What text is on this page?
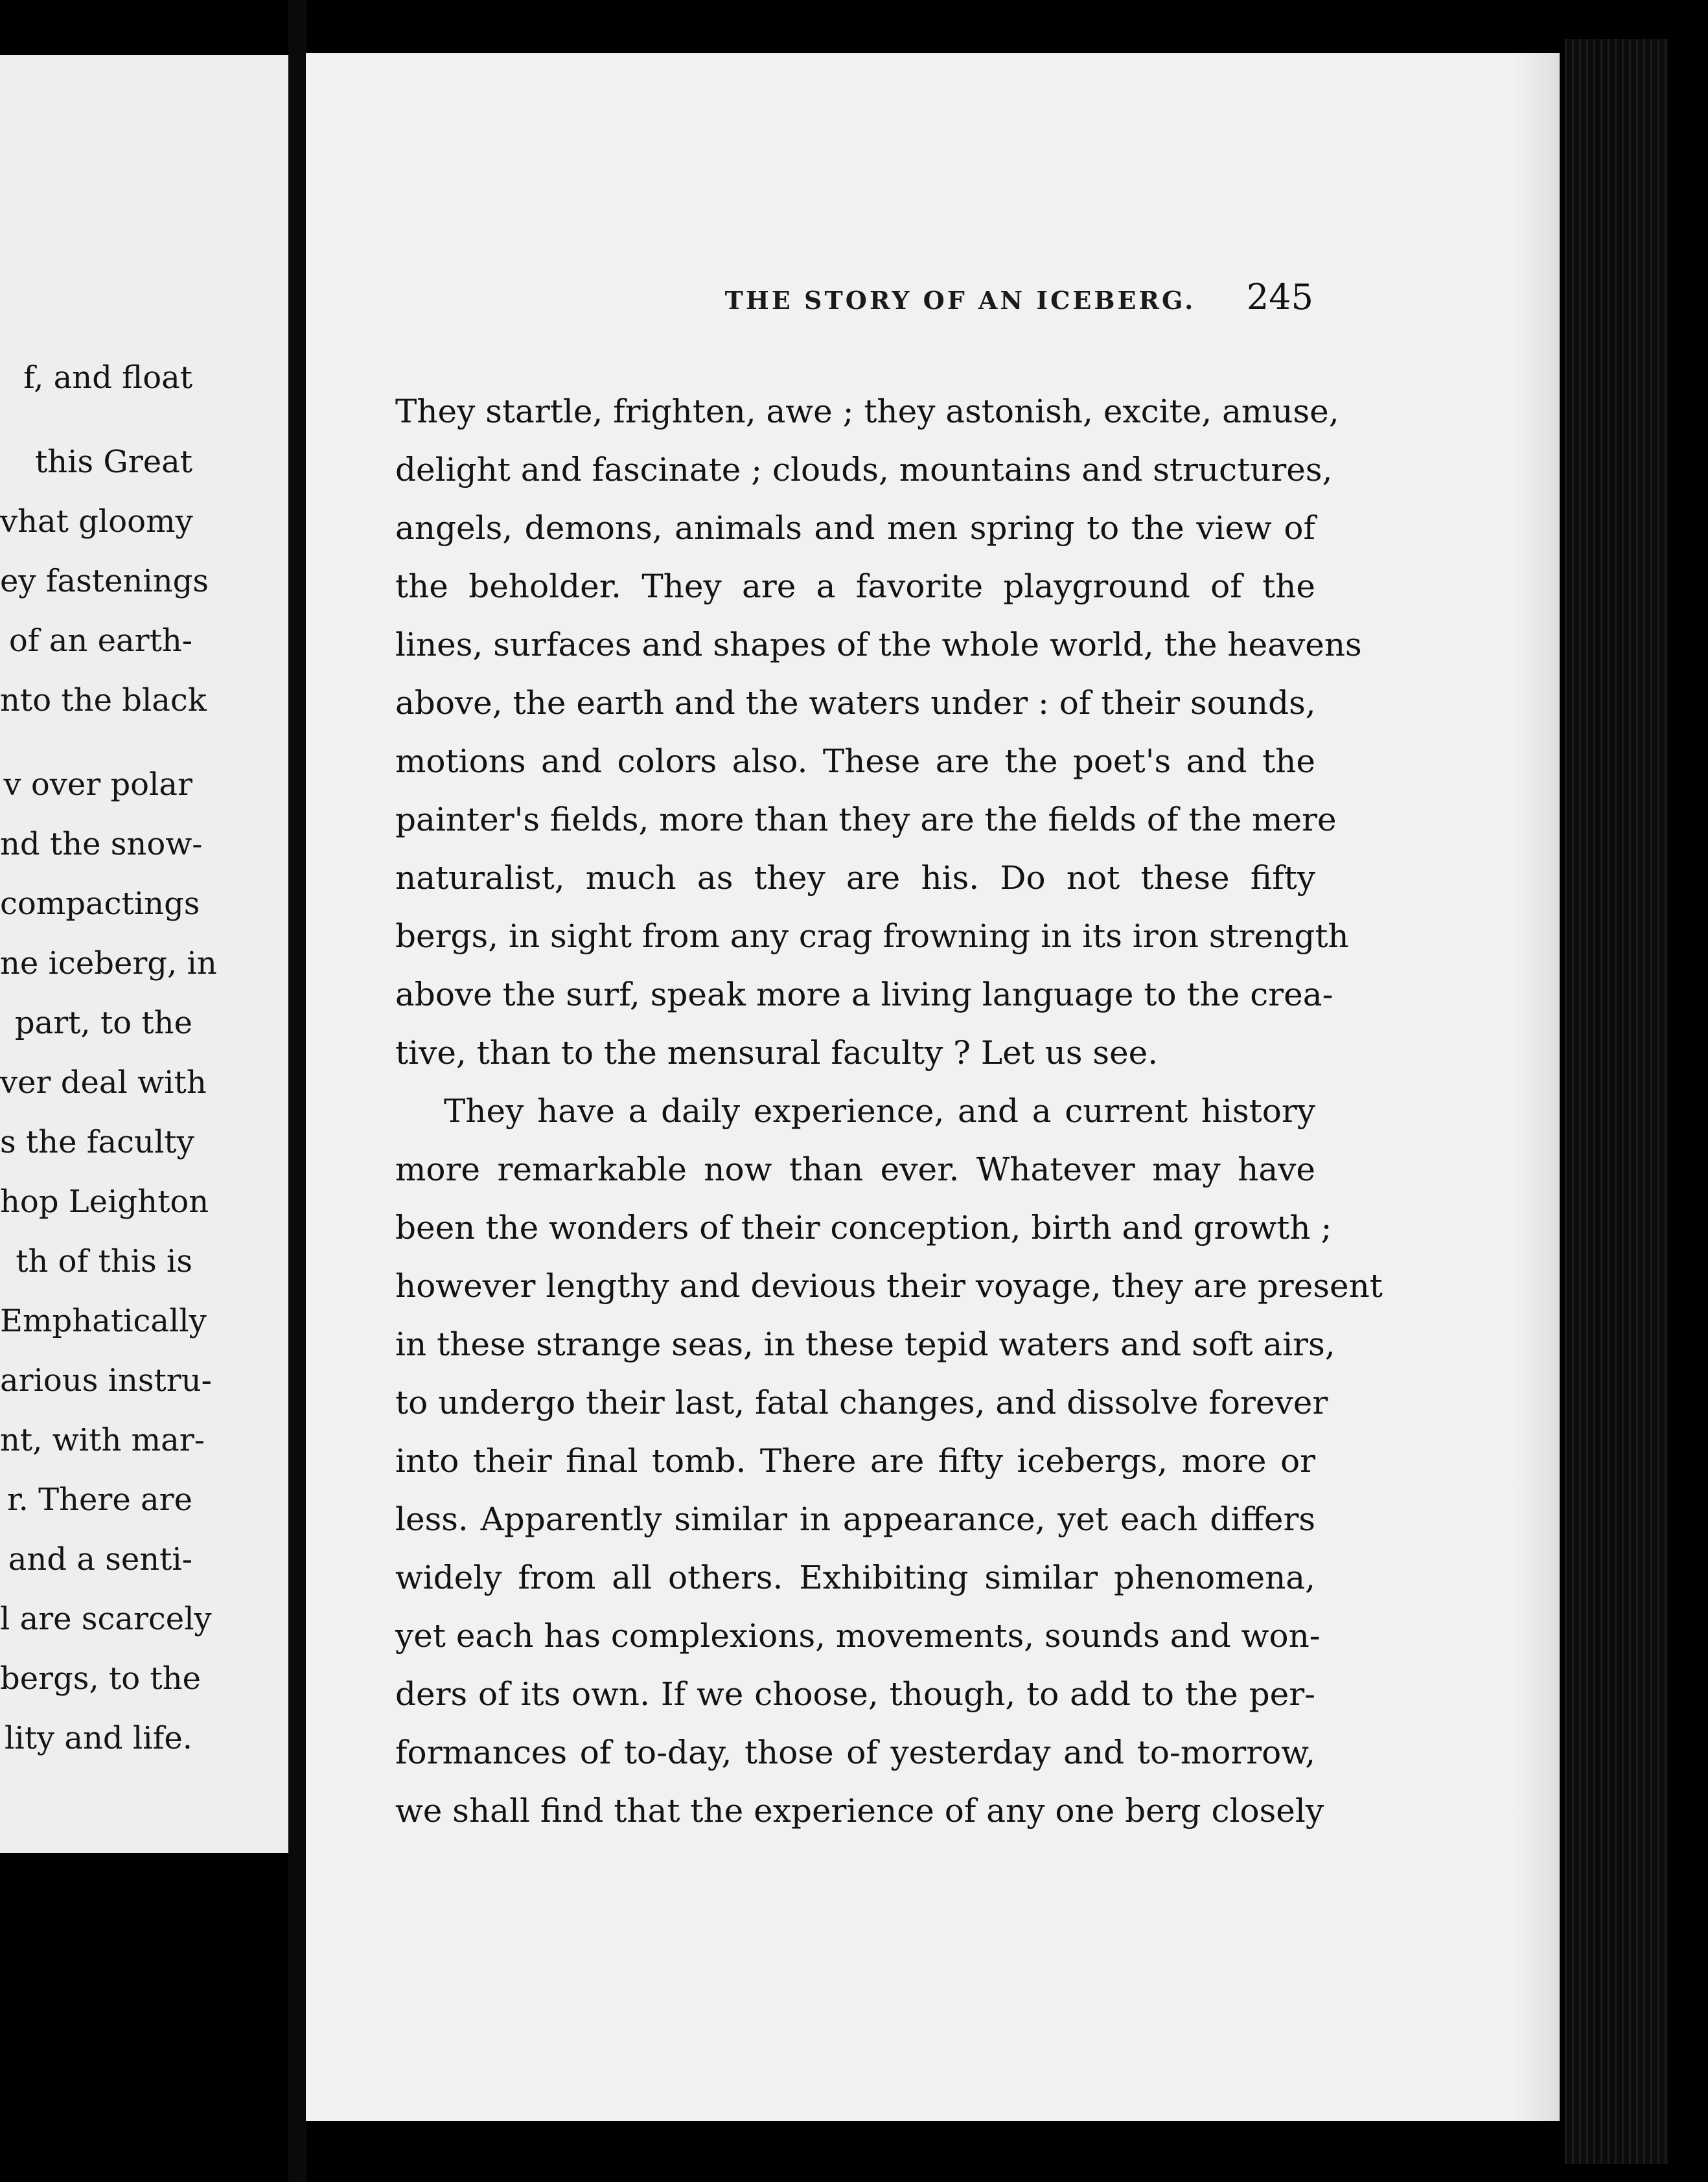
f, and float
this Great
vhat gloomy
ey fastenings
of an earth-
nto the black
v over polar
nd the snow-
compactings
ne iceberg, in
part, to the
ver deal with
s the faculty
hop Leighton
th of this is
Emphatically
arious instru-
nt, with mar-
r. There are
and a senti-
l are scarcely
bergs, to the
lity and life.
THE STORY OF AN ICEBERG.	245
They startle, frighten, awe ; they astonish, excite, amuse,
delight and fascinate ; clouds, mountains and structures,
angels, demons, animals and men spring to the view of
the beholder. They are a favorite playground of the
lines, surfaces and shapes of the whole world, the heavens
above, the earth and the waters under : of their sounds,
motions and colors also. These are the poet's and the
painter's fields, more than they are the fields of the mere
naturalist, much as they are his. Do not these fifty
bergs, in sight from any crag frowning in its iron strength
above the surf, speak more a living language to the crea-
tive, than to the mensural faculty ? Let us see.
They have a daily experience, and a current history
more remarkable now than ever. Whatever may have
been the wonders of their conception, birth and growth ;
however lengthy and devious their voyage, they are present
in these strange seas, in these tepid waters and soft airs,
to undergo their last, fatal changes, and dissolve forever
into their final tomb. There are fifty icebergs, more or
less. Apparently similar in appearance, yet each differs
widely from all others. Exhibiting similar phenomena,
yet each has complexions, movements, sounds and won-
ders of its own. If we choose, though, to add to the per-
formances of to-day, those of yesterday and to-morrow,
we shall find that the experience of any one berg closely
